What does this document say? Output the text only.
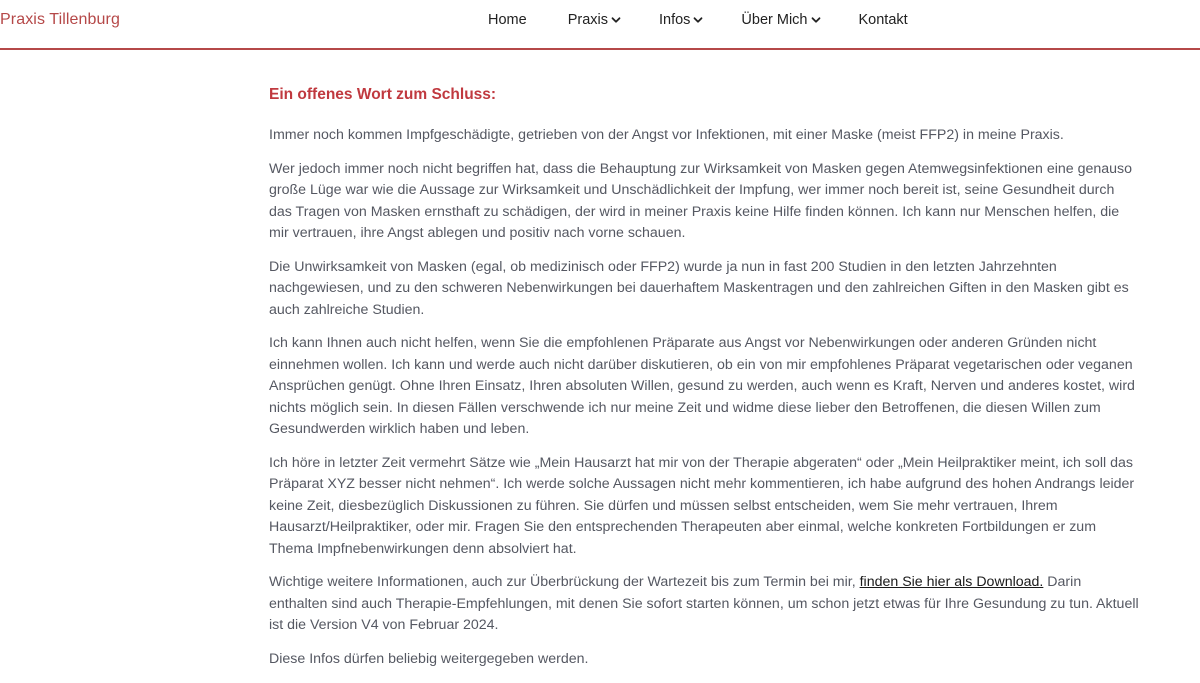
Praxis Tillenburg	Home	Praxis	Infos	Über Mich	Kontakt
Ein offenes Wort zum Schluss:

Immer noch kommen Impfgeschädigte, getrieben von der Angst vor Infektionen, mit einer Maske (meist FFP2) in meine Praxis.

Wer jedoch immer noch nicht begriffen hat, dass die Behauptung zur Wirksamkeit von Masken gegen Atemwegsinfektionen eine genauso große Lüge war wie die Aussage zur Wirksamkeit und Unschädlichkeit der Impfung, wer immer noch bereit ist, seine Gesundheit durch das Tragen von Masken ernsthaft zu schädigen, der wird in meiner Praxis keine Hilfe finden können. Ich kann nur Menschen helfen, die mir vertrauen, ihre Angst ablegen und positiv nach vorne schauen.

Die Unwirksamkeit von Masken (egal, ob medizinisch oder FFP2) wurde ja nun in fast 200 Studien in den letzten Jahrzehnten nachgewiesen, und zu den schweren Nebenwirkungen bei dauerhaftem Maskentragen und den zahlreichen Giften in den Masken gibt es auch zahlreiche Studien.

Ich kann Ihnen auch nicht helfen, wenn Sie die empfohlenen Präparate aus Angst vor Nebenwirkungen oder anderen Gründen nicht einnehmen wollen. Ich kann und werde auch nicht darüber diskutieren, ob ein von mir empfohlenes Präparat vegetarischen oder veganen Ansprüchen genügt. Ohne Ihren Einsatz, Ihren absoluten Willen, gesund zu werden, auch wenn es Kraft, Nerven und anderes kostet, wird nichts möglich sein. In diesen Fällen verschwende ich nur meine Zeit und widme diese lieber den Betroffenen, die diesen Willen zum Gesundwerden wirklich haben und leben.

Ich höre in letzter Zeit vermehrt Sätze wie „Mein Hausarzt hat mir von der Therapie abgeraten“ oder „Mein Heilpraktiker meint, ich soll das Präparat XYZ besser nicht nehmen“. Ich werde solche Aussagen nicht mehr kommentieren, ich habe aufgrund des hohen Andrangs leider keine Zeit, diesbezüglich Diskussionen zu führen. Sie dürfen und müssen selbst entscheiden, wem Sie mehr vertrauen, Ihrem Hausarzt/Heilpraktiker, oder mir. Fragen Sie den entsprechenden Therapeuten aber einmal, welche konkreten Fortbildungen er zum Thema Impfnebenwirkungen denn absolviert hat.

Wichtige weitere Informationen, auch zur Überbrückung der Wartezeit bis zum Termin bei mir, finden Sie hier als Download. Darin enthalten sind auch Therapie-Empfehlungen, mit denen Sie sofort starten können, um schon jetzt etwas für Ihre Gesundung zu tun. Aktuell ist die Version V4 von Februar 2024.

Diese Infos dürfen beliebig weitergegeben werden.
